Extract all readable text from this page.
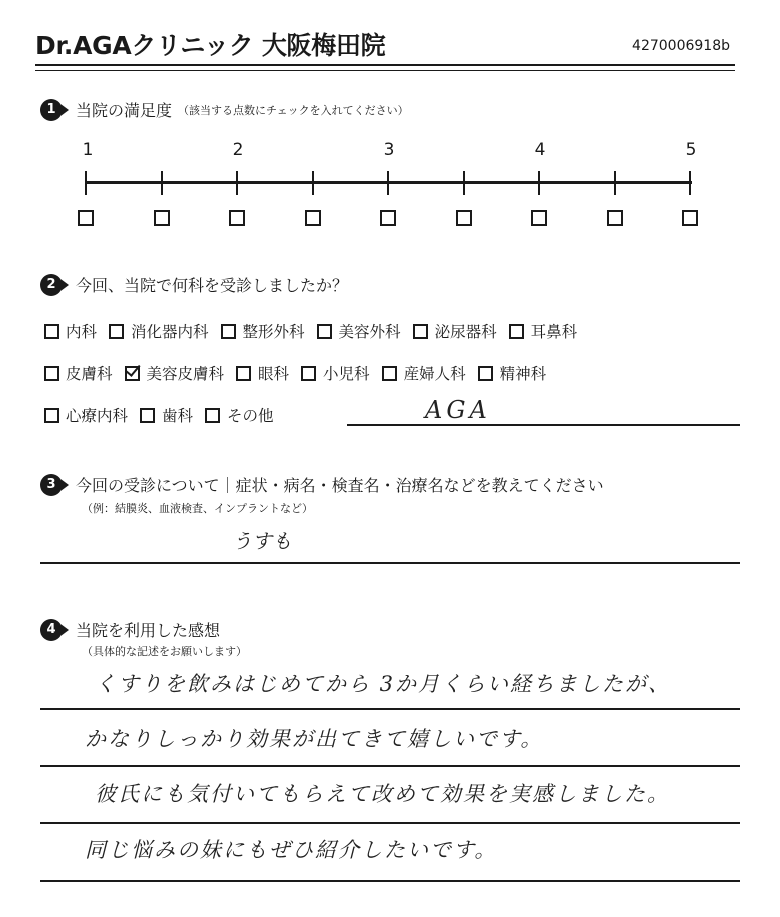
Dr.AGAクリニック 大阪梅田院	4270006918b
1	当院の満足度 （該当する点数にチェックを入れてください）
1	2	3	4	5
2	今回、当院で何科を受診しましたか？
内科 消化器内科 整形外科 美容外科 泌尿器科 耳鼻科
皮膚科 美容皮膚科 眼科 小児科 産婦人科 精神科
心療内科 歯科 その他	AGA
3	今回の受診について｜症状・病名・検査名・治療名などを教えてください
（例：結膜炎、血液検査、インプラントなど）
うすも
4	当院を利用した感想
（具体的な記述をお願いします）
くすりを飲みはじめてから 3か月くらい経ちましたが、
かなりしっかり効果が出てきて嬉しいです。
彼氏にも気付いてもらえて改めて効果を実感しました。
同じ悩みの妹にもぜひ紹介したいです。
